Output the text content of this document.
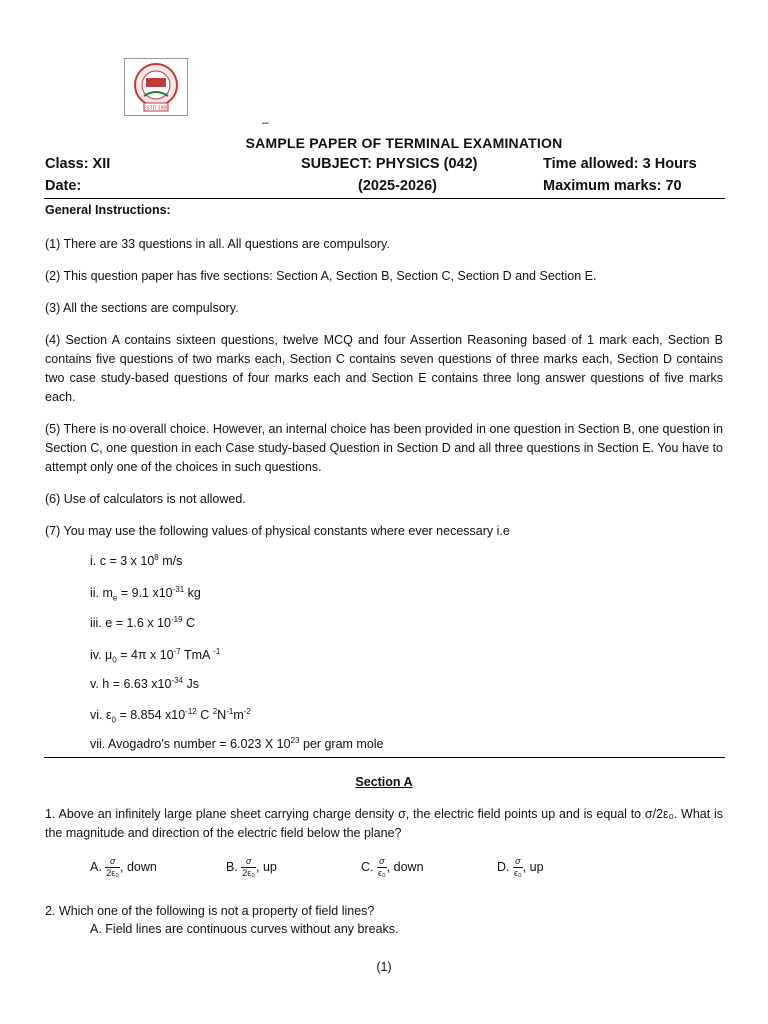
ESTD 1985
–
SAMPLE PAPER OF TERMINAL EXAMINATION
Class: XII	SUBJECT: PHYSICS (042)	Time allowed: 3 Hours
Date:	(2025-2026)	Maximum marks: 70
General Instructions:
(1) There are 33 questions in all. All questions are compulsory.
(2) This question paper has five sections: Section A, Section B, Section C, Section D and Section E.
(3) All the sections are compulsory.
(4) Section A contains sixteen questions, twelve MCQ and four Assertion Reasoning based of 1 mark each, Section B contains five questions of two marks each, Section C contains seven questions of three marks each, Section D contains two case study-based questions of four marks each and Section E contains three long answer questions of five marks each.
(5) There is no overall choice. However, an internal choice has been provided in one question in Section B, one question in Section C, one question in each Case study-based Question in Section D and all three questions in Section E. You have to attempt only one of the choices in such questions.
(6) Use of calculators is not allowed.
(7) You may use the following values of physical constants where ever necessary i.e
i. c = 3 x $10^8$ m/s
ii. $m_e = 9.1$ $x10^{-31}$ kg
iii. e = 1.6 x $10^{-19}$ C
iv. $\mu_0 = 4\pi$ x $10^{-7}$ TmA $^{-1}$
v. h = 6.63 $x10^{-34}$ Js
vi. $\varepsilon_0 = 8.854$ $x10^{-12}$ C $^2N^{-1}m^{-2}$
vii. Avogadro's number = 6.023 X $10^{23}$ per gram mole
Section A
1. Above an infinitely large plane sheet carrying charge density σ, the electric field points up and is equal to σ/2ε₀. What is the magnitude and direction of the electric field below the plane?
A. $\frac{\sigma}{\text{2ϵ₀}}$ , down	B. $\frac{\sigma}{\text{2ϵ₀}}$ , up	C. $\frac{\sigma}{\text{ϵ₀}}$ , down	D. $\frac{\sigma}{\text{ϵ₀}}$ , up
2. Which one of the following is not a property of field lines?
A. Field lines are continuous curves without any breaks.
(1)
